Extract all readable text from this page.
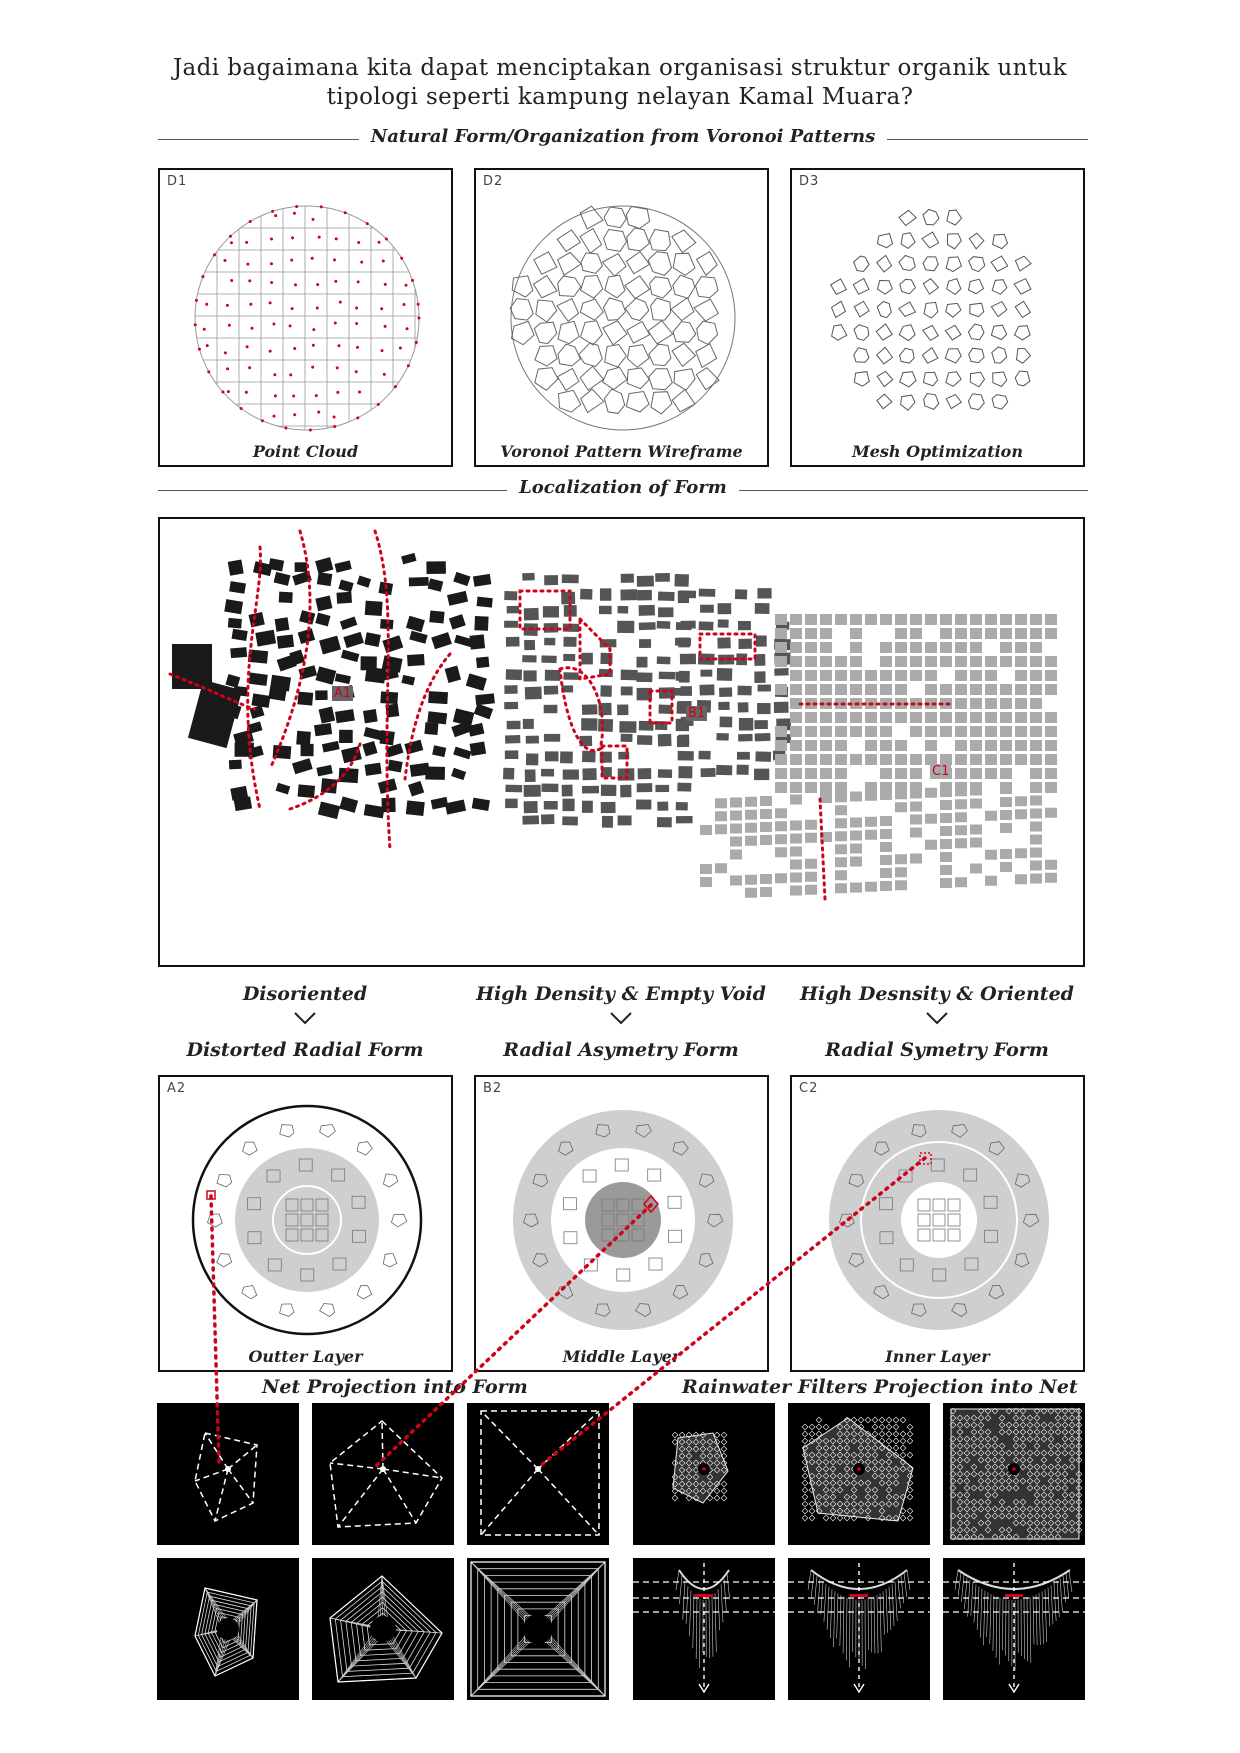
Jadi bagaimana kita dapat menciptakan organisasi struktur organik untuk tipologi seperti kampung nelayan Kamal Muara?
Natural Form/Organization from Voronoi Patterns
D1
Point Cloud
D2
Voronoi Pattern Wireframe
D3
Mesh Optimization
Localization of Form
A1
B1
C1
Disoriented
Distorted Radial Form
High Density & Empty Void
Radial Asymetry Form
High Desnsity & Oriented
Radial Symetry Form
A2
Outter Layer
B2
Middle Layer
C2
Inner Layer
Net Projection into Form	Rainwater Filters Projection into Net
